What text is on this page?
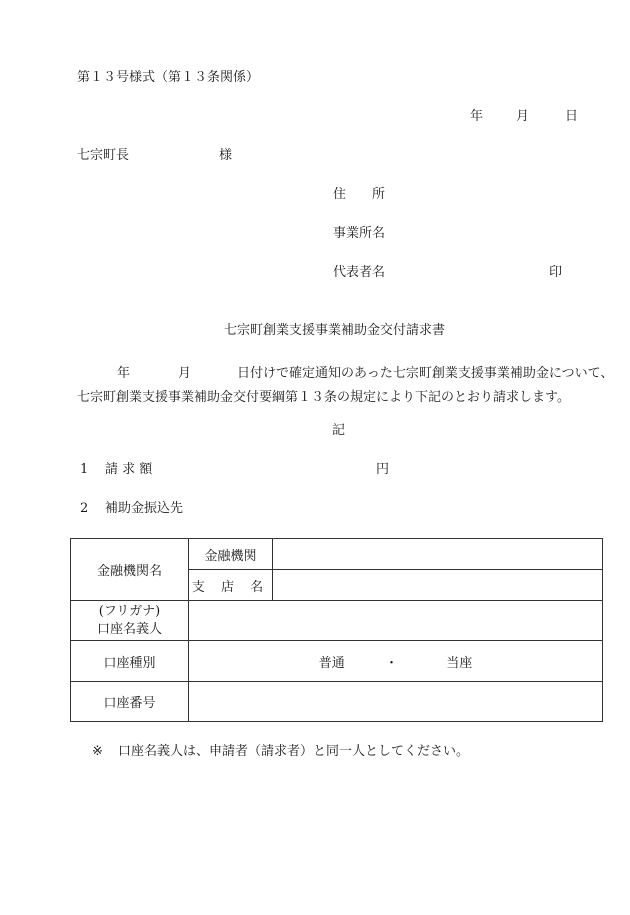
第１３号様式（第１３条関係）
年	月	日
七宗町長	様
住　　所
事業所名
代表者名	印
七宗町創業支援事業補助金交付請求書

年	月	日付けで確定通知のあった七宗町創業支援事業補助金について、

七宗町創業支援事業補助金交付要綱第１３条の規定により下記のとおり請求します。

記
1 請 求 額	円
2 補助金振込先
金融機関名	金融機関	
	支 店 名	

(フリガナ)
口座名義人		

口座種別	普通 ・ 当座	
口座番号		
※ 口座名義人は、申請者（請求者）と同一人としてください。
